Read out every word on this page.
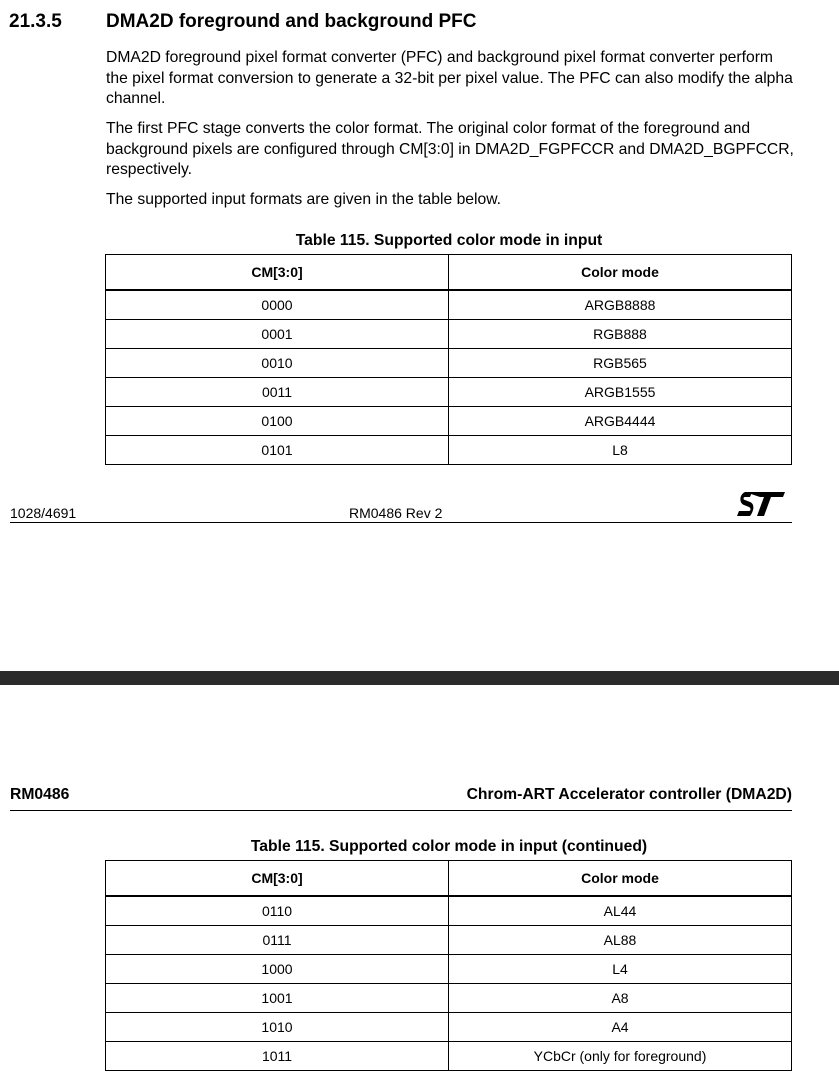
21.3.5 DMA2D foreground and background PFC
DMA2D foreground pixel format converter (PFC) and background pixel format converter perform the pixel format conversion to generate a 32-bit per pixel value. The PFC can also modify the alpha channel.
The first PFC stage converts the color format. The original color format of the foreground and background pixels are configured through CM[3:0] in DMA2D_FGPFCCR and DMA2D_BGPFCCR, respectively.
The supported input formats are given in the table below.
Table 115. Supported color mode in input
CM[3:0]	Color mode
0000	ARGB8888
0001	RGB888
0010	RGB565
0011	ARGB1555
0100	ARGB4444
0101	L8
1028/4691	RM0486 Rev 2
RM0486	Chrom-ART Accelerator controller (DMA2D)
Table 115. Supported color mode in input (continued)
CM[3:0]	Color mode
0110	AL44
0111	AL88
1000	L4
1001	A8
1010	A4
1011	YCbCr (only for foreground)
